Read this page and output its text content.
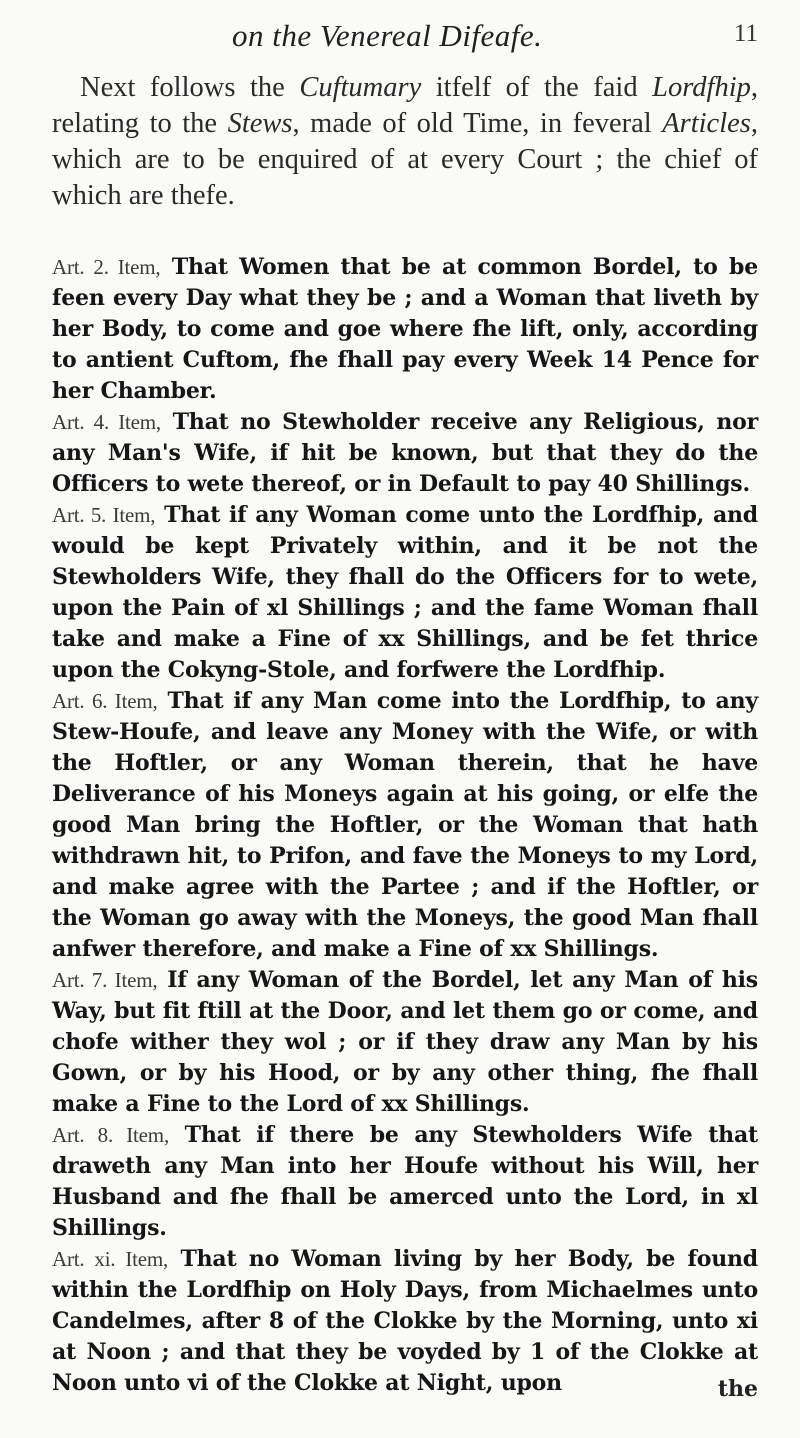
on the Venereal Difeafe.	11

Next follows the Cuftumary itfelf of the faid Lordfhip, relating to the Stews, made of old Time, in feveral Articles, which are to be enquired of at every Court ; the chief of which are thefe.

Art. 2. Item, That Women that be at common Bordel, to be feen every Day what they be ; and a Woman that liveth by her Body, to come and goe where fhe lift, only, according to antient Cuftom, fhe fhall pay every Week 14 Pence for her Chamber.

Art. 4. Item, That no Stewholder receive any Religious, nor any Man's Wife, if hit be known, but that they do the Officers to wete thereof, or in Default to pay 40 Shillings.

Art. 5. Item, That if any Woman come unto the Lordfhip, and would be kept Privately within, and it be not the Stewholders Wife, they fhall do the Officers for to wete, upon the Pain of xl Shillings ; and the fame Woman fhall take and make a Fine of xx Shillings, and be fet thrice upon the Cokyng-Stole, and forfwere the Lordfhip.

Art. 6. Item, That if any Man come into the Lordfhip, to any Stew-Houfe, and leave any Money with the Wife, or with the Hoftler, or any Woman therein, that he have Deliverance of his Moneys again at his going, or elfe the good Man bring the Hoftler, or the Woman that hath withdrawn hit, to Prifon, and fave the Moneys to my Lord, and make agree with the Partee ; and if the Hoftler, or the Woman go away with the Moneys, the good Man fhall anfwer therefore, and make a Fine of xx Shillings.

Art. 7. Item, If any Woman of the Bordel, let any Man of his Way, but fit ftill at the Door, and let them go or come, and chofe wither they wol ; or if they draw any Man by his Gown, or by his Hood, or by any other thing, fhe fhall make a Fine to the Lord of xx Shillings.

Art. 8. Item, That if there be any Stewholders Wife that draweth any Man into her Houfe without his Will, her Husband and fhe fhall be amerced unto the Lord, in xl Shillings.

Art. xi. Item, That no Woman living by her Body, be found within the Lordfhip on Holy Days, from Michaelmes unto Candelmes, after 8 of the Clokke by the Morning, unto xi at Noon ; and that they be voyded by 1 of the Clokke at Noon unto vi of the Clokke at Night, upon	the
